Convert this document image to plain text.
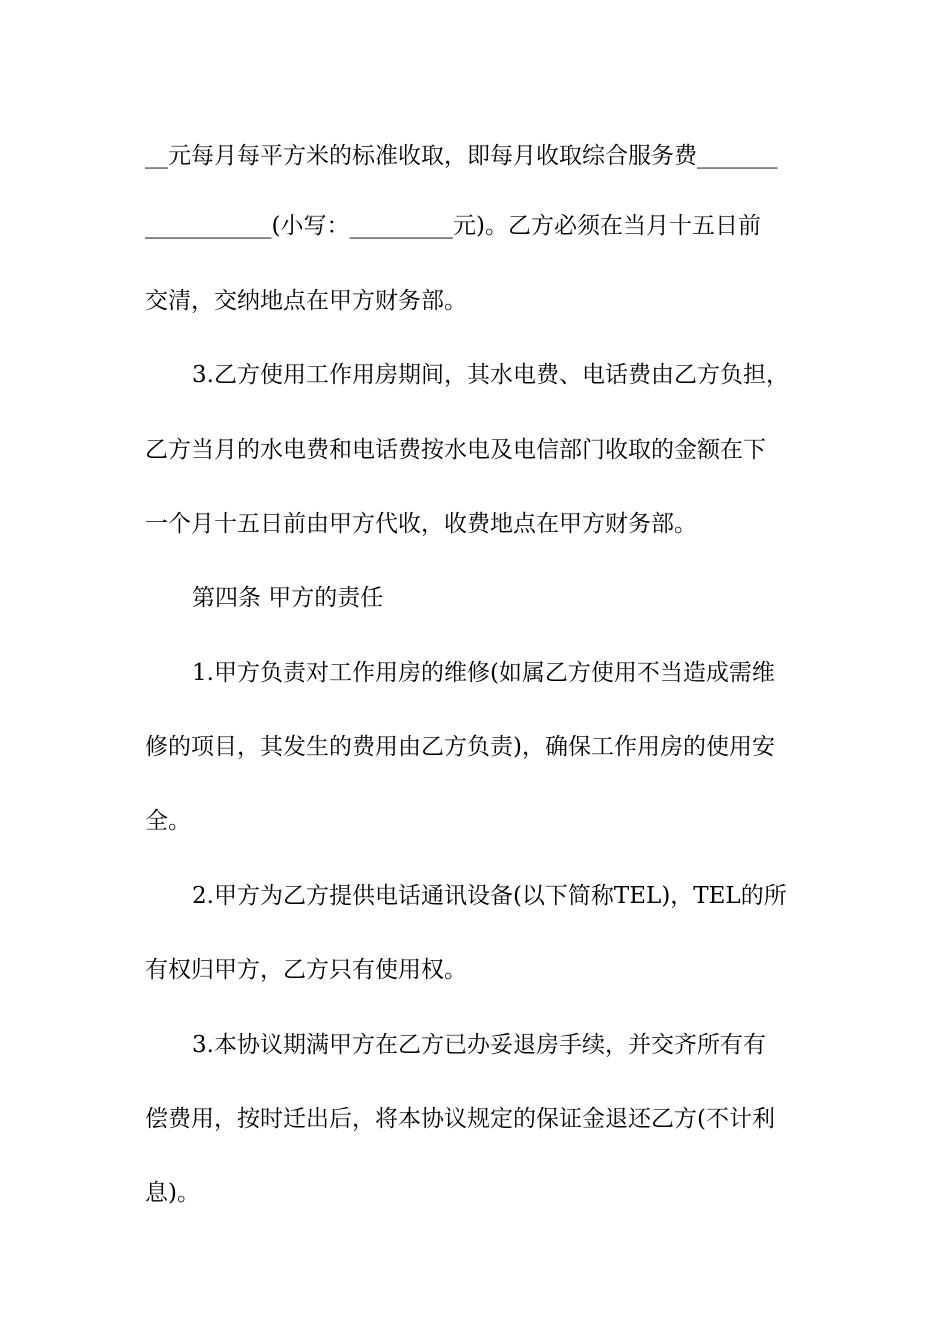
__元每月每平方米的标准收取，即每月收取综合服务费_______
___________(小写：_________元)。乙方必须在当月十五日前
交清，交纳地点在甲方财务部。
3.乙方使用工作用房期间，其水电费、电话费由乙方负担，
乙方当月的水电费和电话费按水电及电信部门收取的金额在下
一个月十五日前由甲方代收，收费地点在甲方财务部。
第四条 甲方的责任
1.甲方负责对工作用房的维修(如属乙方使用不当造成需维
修的项目，其发生的费用由乙方负责)，确保工作用房的使用安
全。
2.甲方为乙方提供电话通讯设备(以下简称TEL)，TEL的所
有权归甲方，乙方只有使用权。
3.本协议期满甲方在乙方已办妥退房手续，并交齐所有有
偿费用，按时迁出后，将本协议规定的保证金退还乙方(不计利
息)。
